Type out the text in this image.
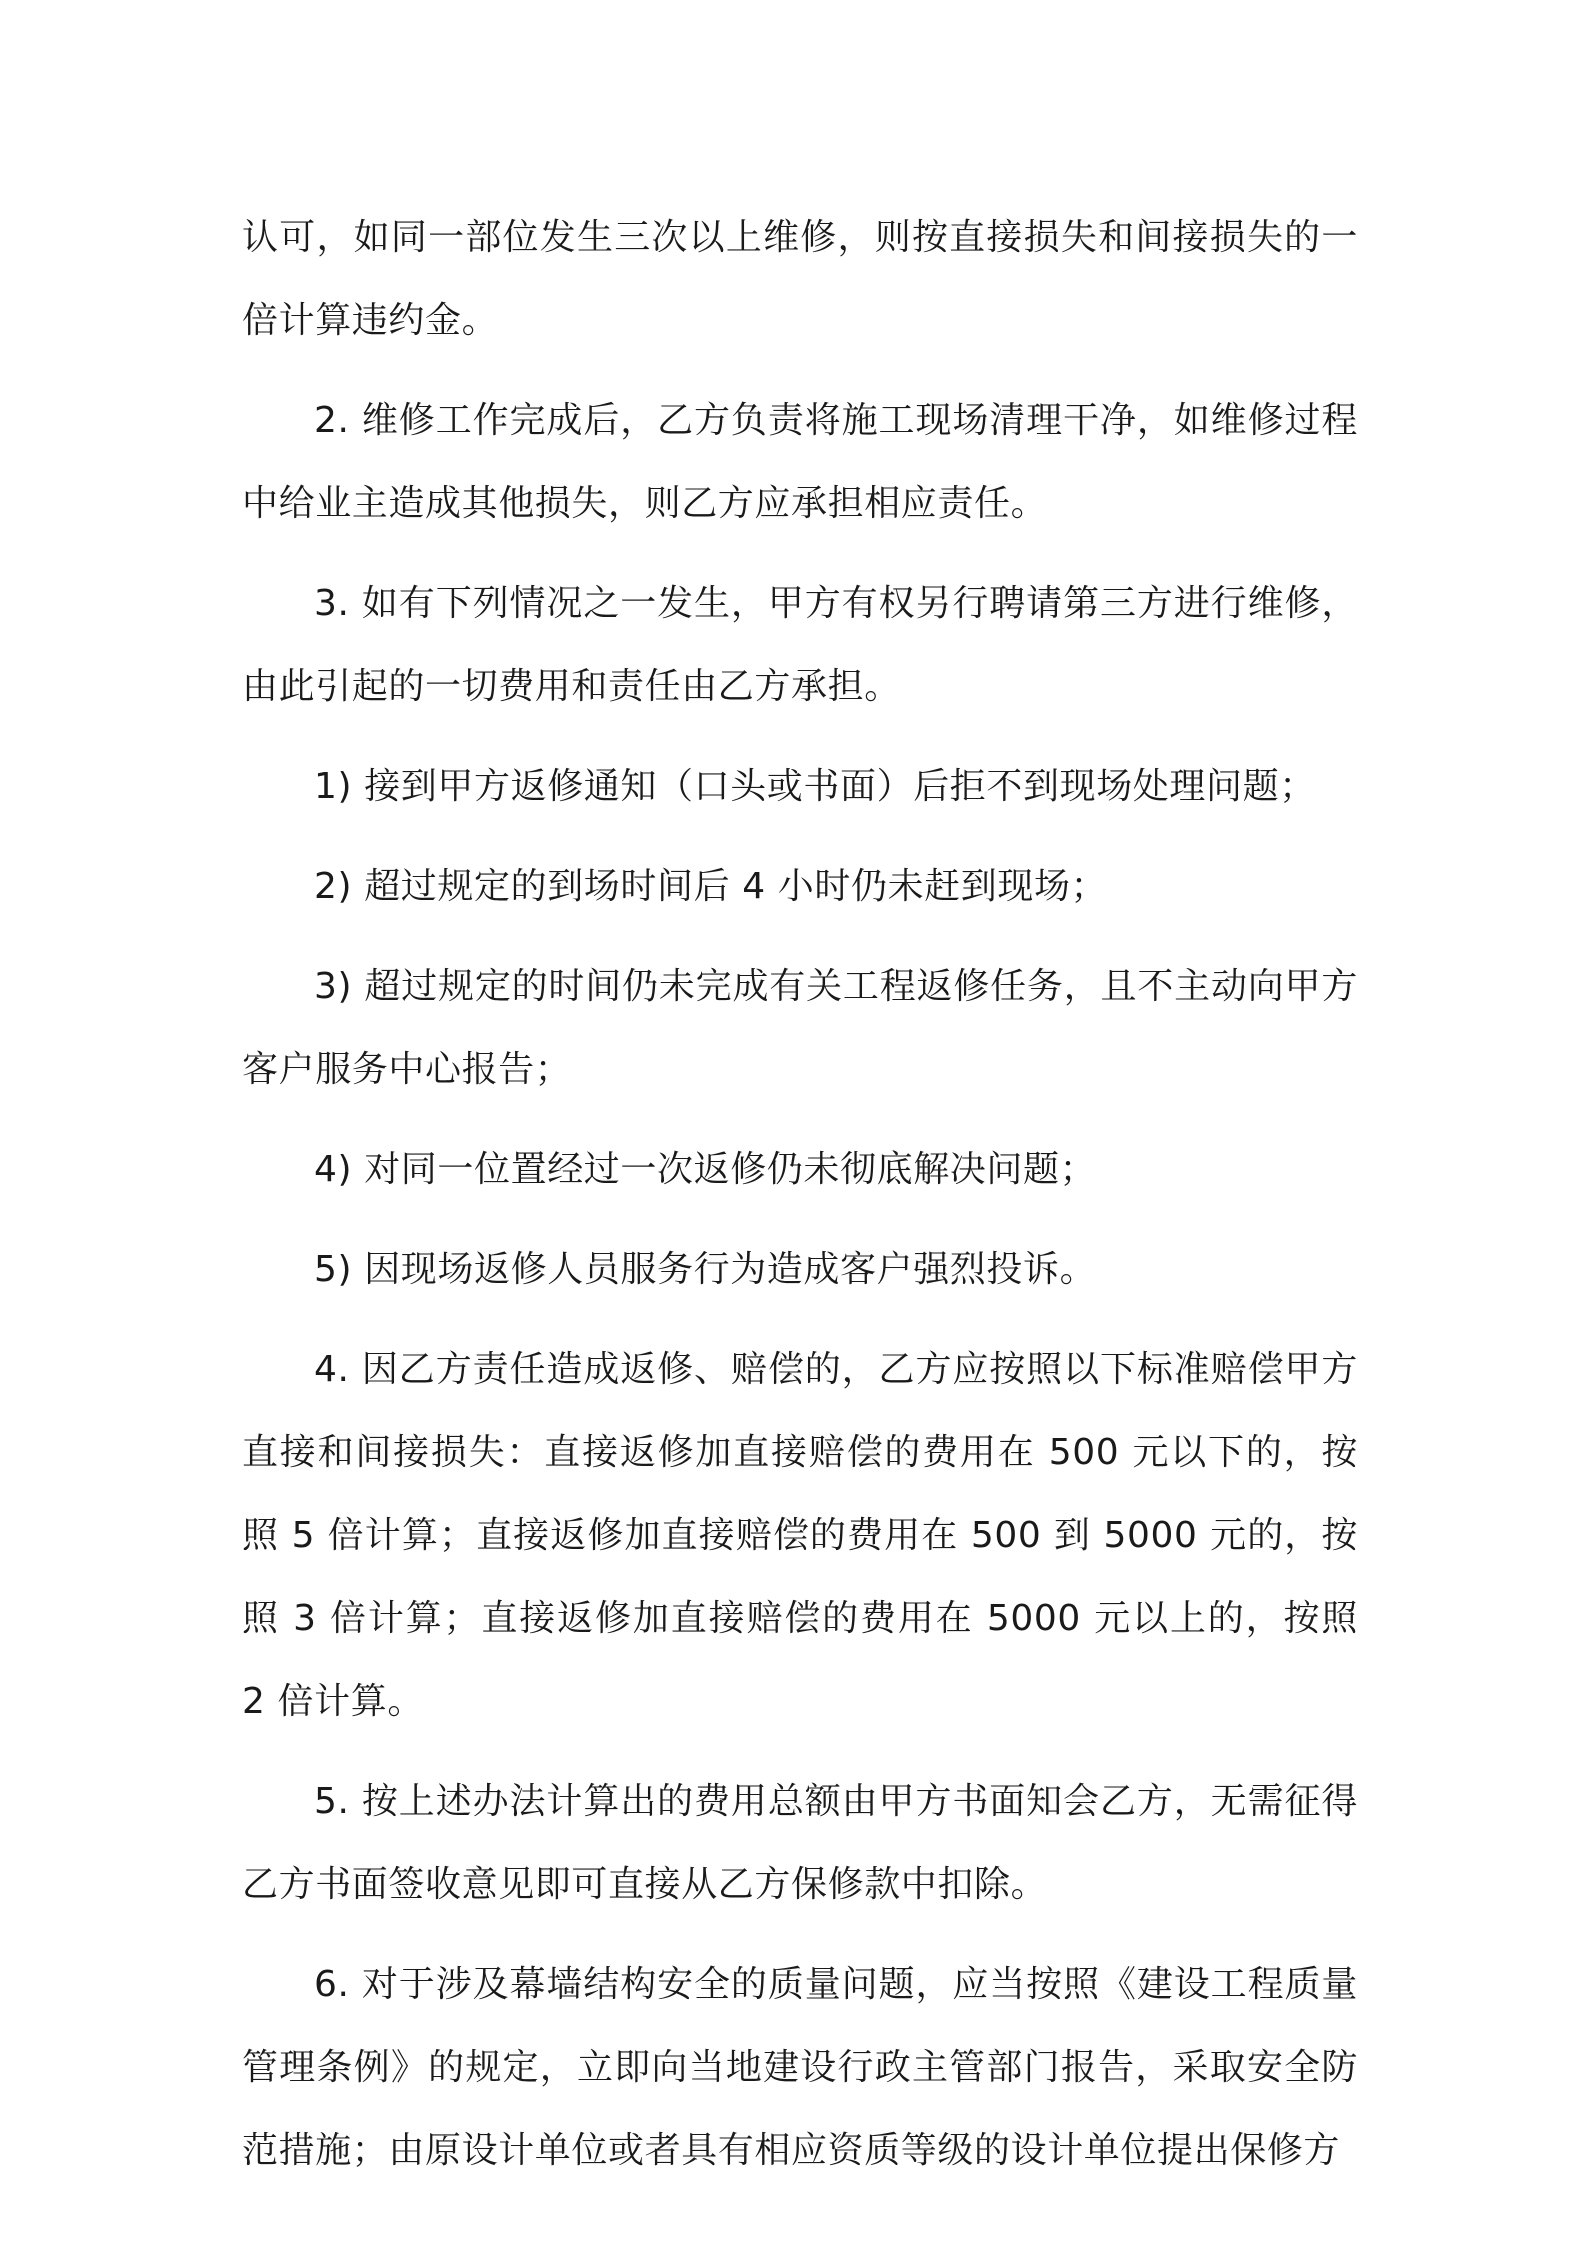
认可，如同一部位发生三次以上维修，则按直接损失和间接损失的一倍计算违约金。

2. 维修工作完成后，乙方负责将施工现场清理干净，如维修过程中给业主造成其他损失，则乙方应承担相应责任。

3. 如有下列情况之一发生，甲方有权另行聘请第三方进行维修，由此引起的一切费用和责任由乙方承担。

1) 接到甲方返修通知（口头或书面）后拒不到现场处理问题；

2) 超过规定的到场时间后 4 小时仍未赶到现场；

3) 超过规定的时间仍未完成有关工程返修任务，且不主动向甲方客户服务中心报告；

4) 对同一位置经过一次返修仍未彻底解决问题；

5) 因现场返修人员服务行为造成客户强烈投诉。

4. 因乙方责任造成返修、赔偿的，乙方应按照以下标准赔偿甲方直接和间接损失：直接返修加直接赔偿的费用在 500 元以下的，按照 5 倍计算；直接返修加直接赔偿的费用在 500 到 5000 元的，按照 3 倍计算；直接返修加直接赔偿的费用在 5000 元以上的，按照 2 倍计算。

5. 按上述办法计算出的费用总额由甲方书面知会乙方，无需征得乙方书面签收意见即可直接从乙方保修款中扣除。

6. 对于涉及幕墙结构安全的质量问题，应当按照《建设工程质量管理条例》的规定，立即向当地建设行政主管部门报告，采取安全防范措施；由原设计单位或者具有相应资质等级的设计单位提出保修方
